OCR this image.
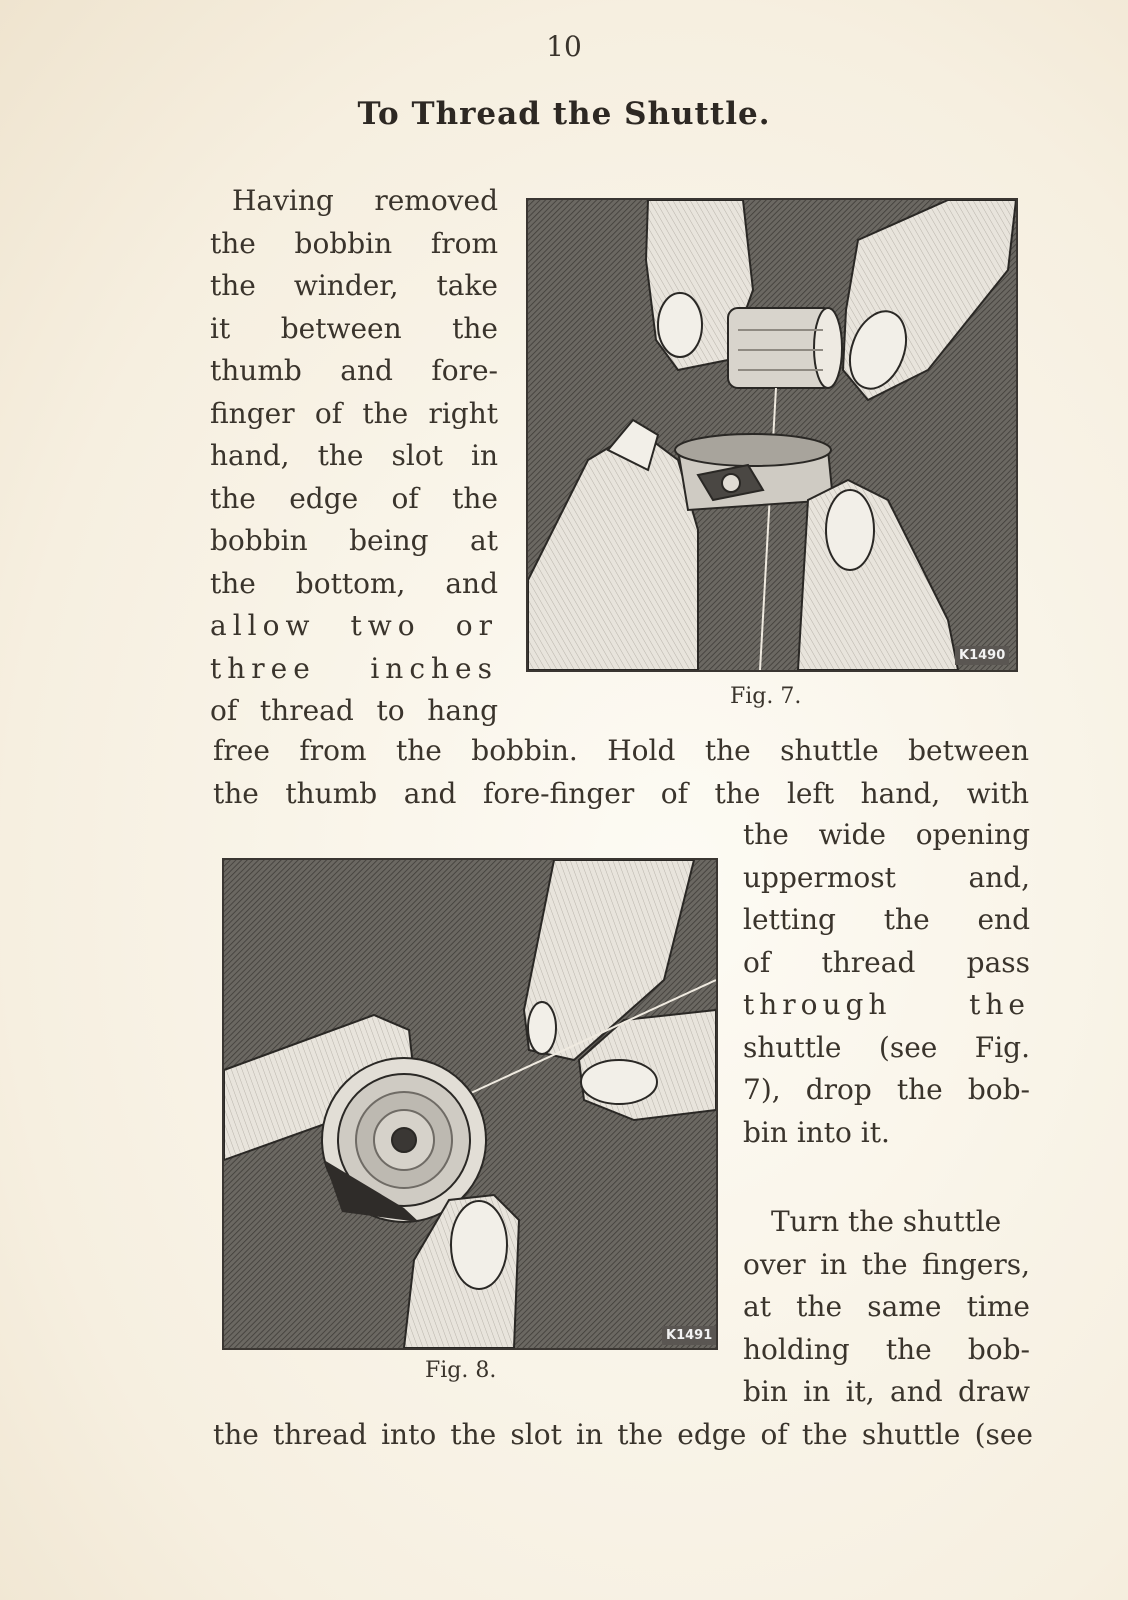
10
To Thread the Shuttle.
Having removed
the bobbin from
the winder, take
it between the
thumb and fore-
finger of the right
hand, the slot in
the edge of the
bobbin being at
the bottom, and
allow two or
three inches
of thread to hang
K1490
Fig. 7.
free from the bobbin. Hold the shuttle between
the thumb and fore-finger of the left hand, with
K1491
Fig. 8.
the wide opening
uppermost and,
letting the end
of thread pass
through the
shuttle (see Fig.
7), drop the bob-
bin into it.
Turn the shuttle
over in the fingers,
at the same time
holding the bob-
bin in it, and draw
the thread into the slot in the edge of the shuttle (see
